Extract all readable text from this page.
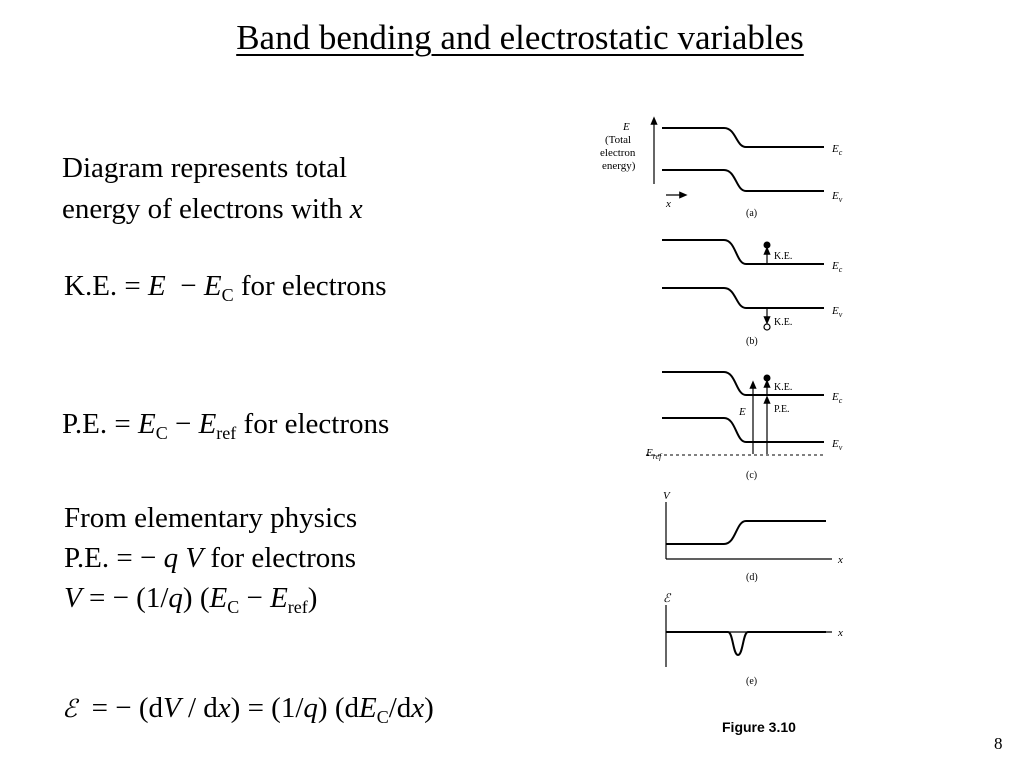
Band bending and electrostatic variables
Diagram represents total
energy of electrons with x
K.E. = $E - E_C$ for electrons
P.E. = $E_C - E_{ref}$ for electrons
From elementary physics
P.E. = − q V for electrons
V = − (1/q) $(E_C - E_{ref})$
ℰ  = − (dV / dx) = (1/q) $(dE_C/dx)$
E
(Total
electron
energy)
$E_c$
$E_v$
x
(a)
K.E.
K.E.
$E_c$
$E_v$
(b)
K.E.
P.E.
E
$E_c$
$E_v$
$E_{ref}$
(c)
V
x
(d)
ℰ
x
(e)
Figure 3.10
8
